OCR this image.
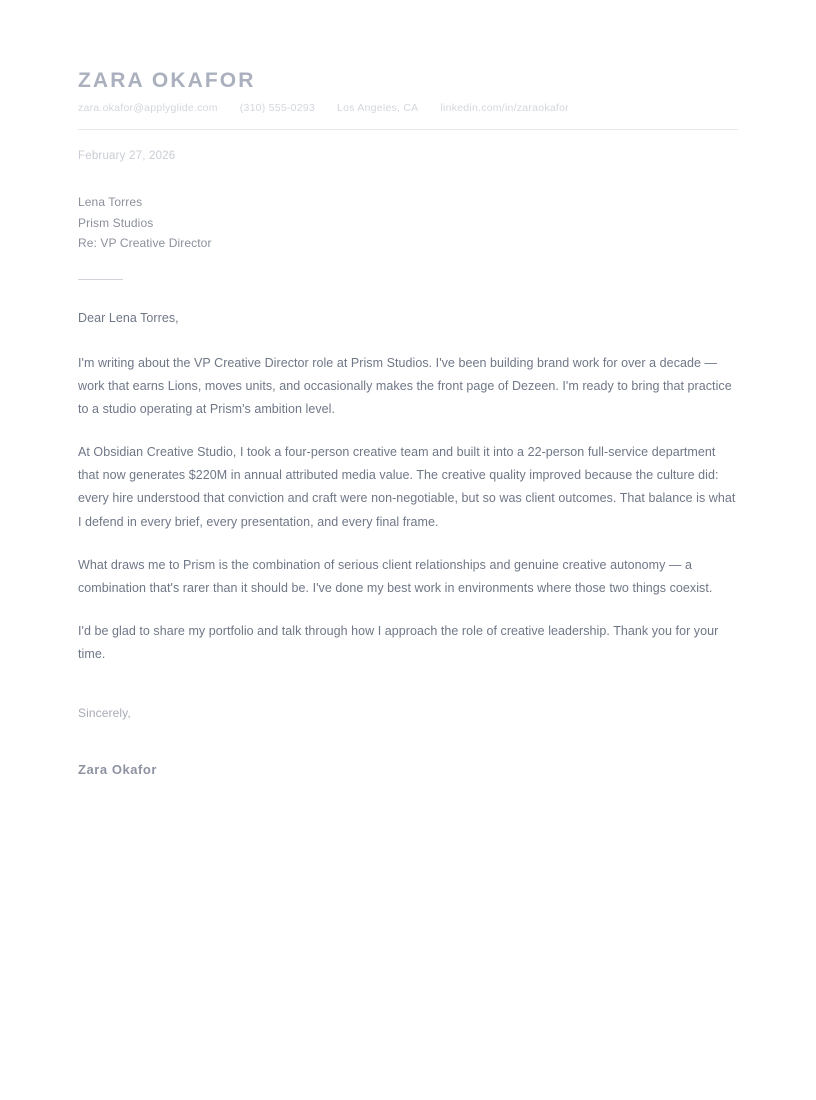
ZARA OKAFOR
zara.okafor@applyglide.com (310) 555-0293 Los Angeles, CA linkedin.com/in/zaraokafor
February 27, 2026
Lena Torres
Prism Studios
Re: VP Creative Director
Dear Lena Torres,

I'm writing about the VP Creative Director role at Prism Studios. I've been building brand work for over a decade — work that earns Lions, moves units, and occasionally makes the front page of Dezeen. I'm ready to bring that practice to a studio operating at Prism's ambition level.

At Obsidian Creative Studio, I took a four-person creative team and built it into a 22-person full-service department that now generates $220M in annual attributed media value. The creative quality improved because the culture did: every hire understood that conviction and craft were non-negotiable, but so was client outcomes. That balance is what I defend in every brief, every presentation, and every final frame.

What draws me to Prism is the combination of serious client relationships and genuine creative autonomy — a combination that's rarer than it should be. I've done my best work in environments where those two things coexist.

I'd be glad to share my portfolio and talk through how I approach the role of creative leadership. Thank you for your time.

Sincerely,
Zara Okafor
